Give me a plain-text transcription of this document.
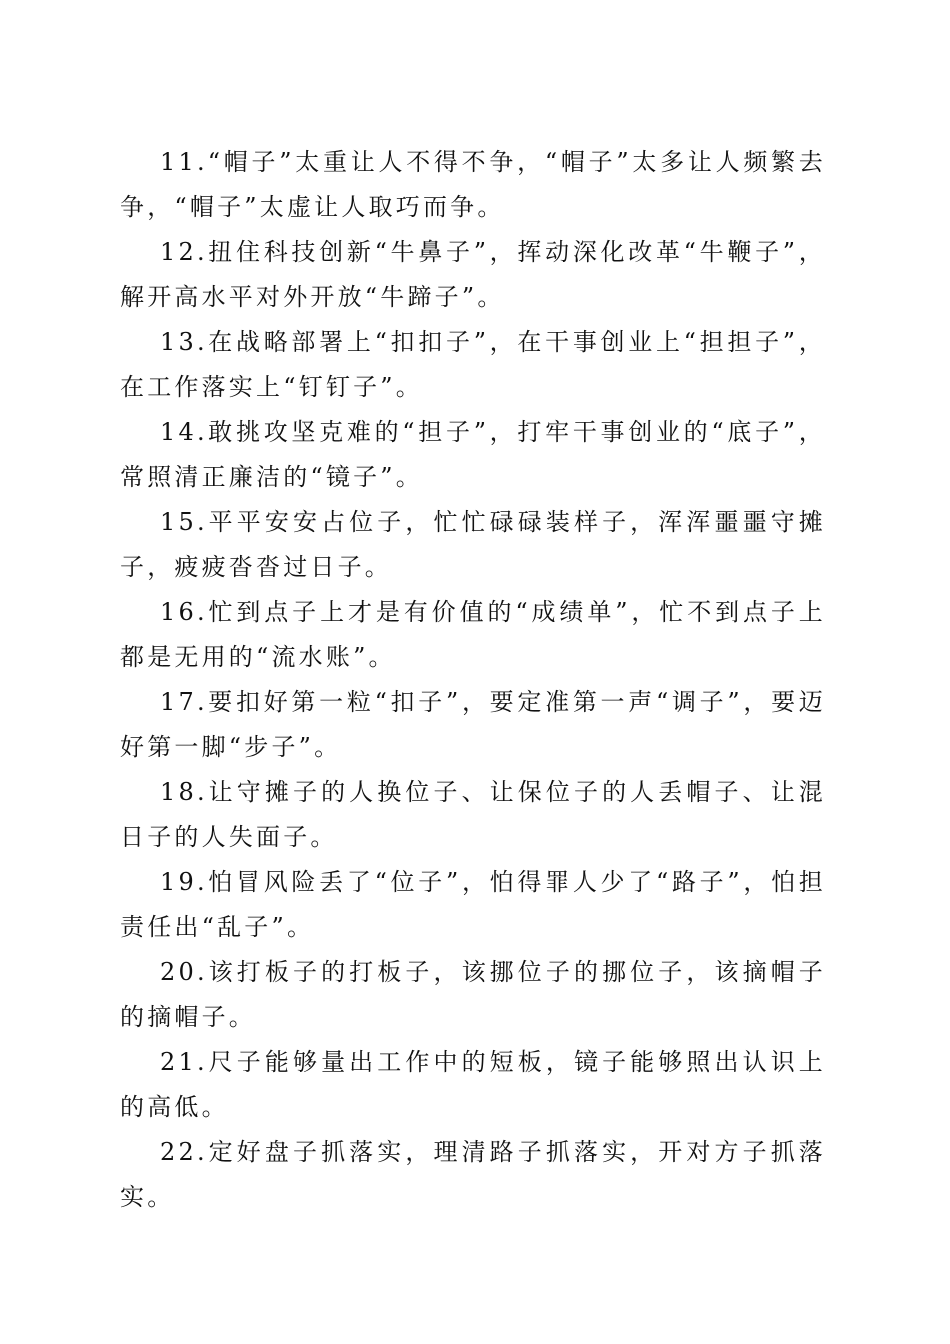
11.“帽子”太重让人不得不争，“帽子”太多让人频繁去争，“帽子”太虚让人取巧而争。

12.扭住科技创新“牛鼻子”，挥动深化改革“牛鞭子”，解开高水平对外开放“牛蹄子”。

13.在战略部署上“扣扣子”，在干事创业上“担担子”，在工作落实上“钉钉子”。

14.敢挑攻坚克难的“担子”，打牢干事创业的“底子”，常照清正廉洁的“镜子”。

15.平平安安占位子，忙忙碌碌装样子，浑浑噩噩守摊子，疲疲沓沓过日子。

16.忙到点子上才是有价值的“成绩单”，忙不到点子上都是无用的“流水账”。

17.要扣好第一粒“扣子”，要定准第一声“调子”，要迈好第一脚“步子”。

18.让守摊子的人换位子、让保位子的人丢帽子、让混日子的人失面子。

19.怕冒风险丢了“位子”，怕得罪人少了“路子”，怕担责任出“乱子”。

20.该打板子的打板子，该挪位子的挪位子，该摘帽子的摘帽子。

21.尺子能够量出工作中的短板，镜子能够照出认识上的高低。

22.定好盘子抓落实，理清路子抓落实，开对方子抓落实。
